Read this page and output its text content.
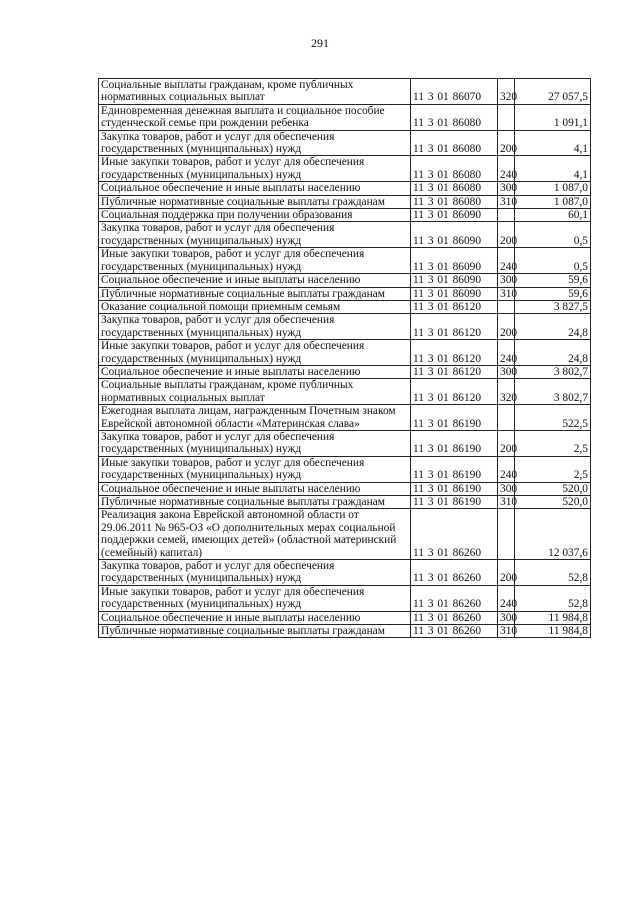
291
Социальные выплаты гражданам, кроме публичных нормативных социальных выплат	11 3 01 86070	320	27 057,5
Единовременная денежная выплата и социальное пособие студенческой семье при рождении ребенка	11 3 01 86080		1 091,1
Закупка товаров, работ и услуг для обеспечения государственных (муниципальных) нужд	11 3 01 86080	200	4,1
Иные закупки товаров, работ и услуг для обеспечения государственных (муниципальных) нужд	11 3 01 86080	240	4,1
Социальное обеспечение и иные выплаты населению	11 3 01 86080	300	1 087,0
Публичные нормативные социальные выплаты гражданам	11 3 01 86080	310	1 087,0
Социальная поддержка при получении образования	11 3 01 86090		60,1
Закупка товаров, работ и услуг для обеспечения государственных (муниципальных) нужд	11 3 01 86090	200	0,5
Иные закупки товаров, работ и услуг для обеспечения государственных (муниципальных) нужд	11 3 01 86090	240	0,5
Социальное обеспечение и иные выплаты населению	11 3 01 86090	300	59,6
Публичные нормативные социальные выплаты гражданам	11 3 01 86090	310	59,6
Оказание социальной помощи приемным семьям	11 3 01 86120		3 827,5
Закупка товаров, работ и услуг для обеспечения государственных (муниципальных) нужд	11 3 01 86120	200	24,8
Иные закупки товаров, работ и услуг для обеспечения государственных (муниципальных) нужд	11 3 01 86120	240	24,8
Социальное обеспечение и иные выплаты населению	11 3 01 86120	300	3 802,7
Социальные выплаты гражданам, кроме публичных нормативных социальных выплат	11 3 01 86120	320	3 802,7
Ежегодная выплата лицам, награжденным Почетным знаком Еврейской автономной области «Материнская слава»	11 3 01 86190		522,5
Закупка товаров, работ и услуг для обеспечения государственных (муниципальных) нужд	11 3 01 86190	200	2,5
Иные закупки товаров, работ и услуг для обеспечения государственных (муниципальных) нужд	11 3 01 86190	240	2,5
Социальное обеспечение и иные выплаты населению	11 3 01 86190	300	520,0
Публичные нормативные социальные выплаты гражданам	11 3 01 86190	310	520,0
Реализация закона Еврейской автономной области от 29.06.2011 № 965-ОЗ «О дополнительных мерах социальной поддержки семей, имеющих детей» (областной материнский (семейный) капитал)	11 3 01 86260		12 037,6
Закупка товаров, работ и услуг для обеспечения государственных (муниципальных) нужд	11 3 01 86260	200	52,8
Иные закупки товаров, работ и услуг для обеспечения государственных (муниципальных) нужд	11 3 01 86260	240	52,8
Социальное обеспечение и иные выплаты населению	11 3 01 86260	300	11 984,8
Публичные нормативные социальные выплаты гражданам	11 3 01 86260	310	11 984,8
